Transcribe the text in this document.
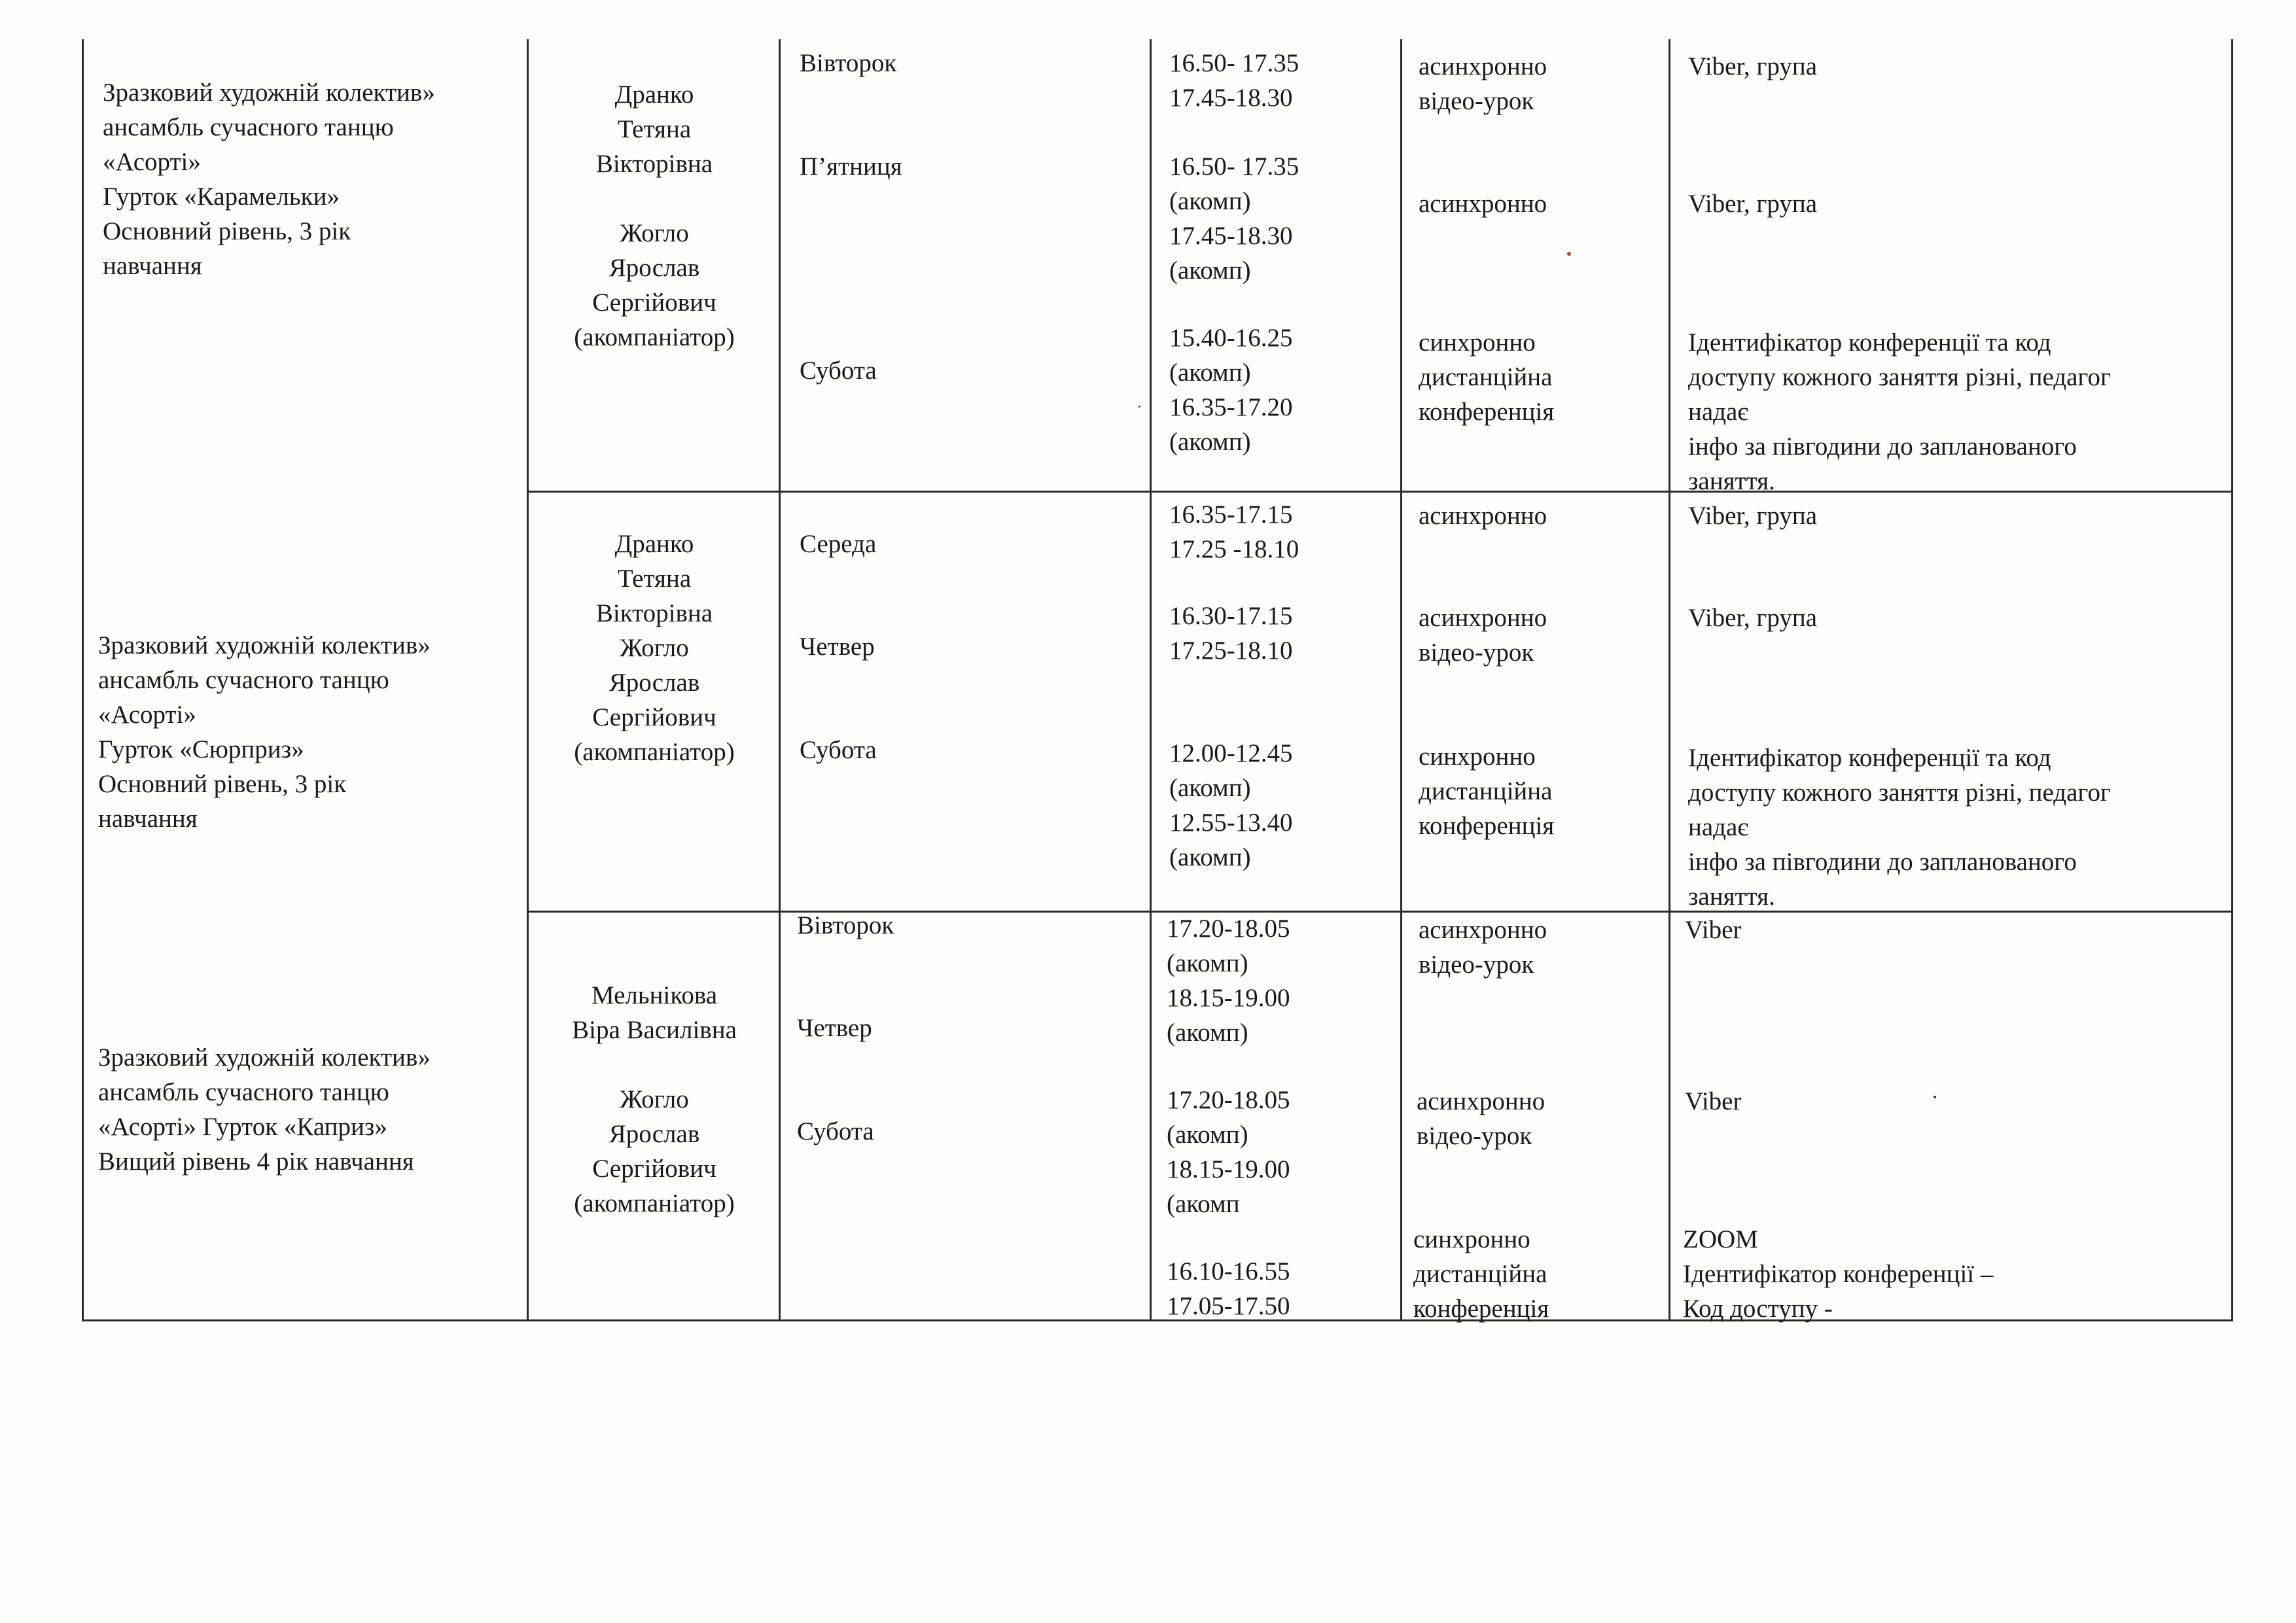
Зразковий художній колектив»
ансамбль сучасного танцю
«Асорті»
Гурток «Карамельки»
Основний рівень, 3 рік
навчання
Дранко
Тетяна
Вікторівна

Жогло
Ярослав
Сергійович
(акомпаніатор)
Вівторок
П’ятниця
Субота
16.50- 17.35
17.45-18.30
16.50- 17.35
(акомп)
17.45-18.30
(акомп)
15.40-16.25
(акомп)
16.35-17.20
(акомп)
асинхронно
відео-урок
асинхронно
синхронно
дистанційна
конференція
Viber, група
Viber, група
Ідентифікатор конференції та код
доступу кожного заняття різні, педагог
надає
інфо за півгодини до запланованого
заняття.
Зразковий художній колектив»
ансамбль сучасного танцю
«Асорті»
Гурток «Сюрприз»
Основний рівень, 3 рік
навчання
Дранко
Тетяна
Вікторівна
Жогло
Ярослав
Сергійович
(акомпаніатор)
Середа
Четвер
Субота
16.35-17.15
17.25 -18.10
16.30-17.15
17.25-18.10
12.00-12.45
(акомп)
12.55-13.40
(акомп)
асинхронно
асинхронно
відео-урок
синхронно
дистанційна
конференція
Viber, група
Viber, група
Ідентифікатор конференції та код
доступу кожного заняття різні, педагог
надає
інфо за півгодини до запланованого
заняття.
Зразковий художній колектив»
ансамбль сучасного танцю
«Асорті» Гурток «Каприз»
Вищий рівень 4 рік навчання
Мельнікова
Віра Василівна

Жогло
Ярослав
Сергійович
(акомпаніатор)
Вівторок
Четвер
Субота
17.20-18.05
(акомп)
18.15-19.00
(акомп)
17.20-18.05
(акомп)
18.15-19.00
(акомп
16.10-16.55
17.05-17.50
асинхронно
відео-урок
асинхронно
відео-урок
синхронно
дистанційна
конференція
Viber
Viber
ZOOM
Ідентифікатор конференції –
Код доступу -
